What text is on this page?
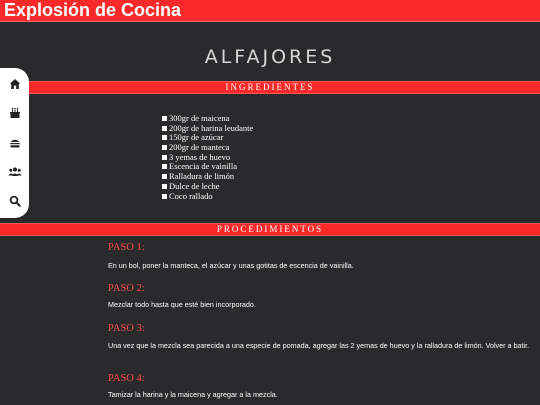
Explosión de Cocina
ALFAJORES
INGREDIENTES
300gr de maicena
200gr de harina leudante
150gr de azúcar
200gr de manteca
3 yemas de huevo
Escencia de vainilla
Ralladura de limón
Dulce de leche
Coco rallado
PROCEDIMIENTOS

PASO 1:

En un bol, poner la manteca, el azúcar y unas gotitas de escencia de vainilla.

PASO 2:

Mezclar todo hasta que esté bien incorporado.

PASO 3:

Una vez que la mezcla sea parecida a una especie de pomada, agregar las 2 yemas de huevo y la ralladura de limón. Volver a batir.

PASO 4:

Tamizar la harina y la maicena y agregar a la mezcla.
